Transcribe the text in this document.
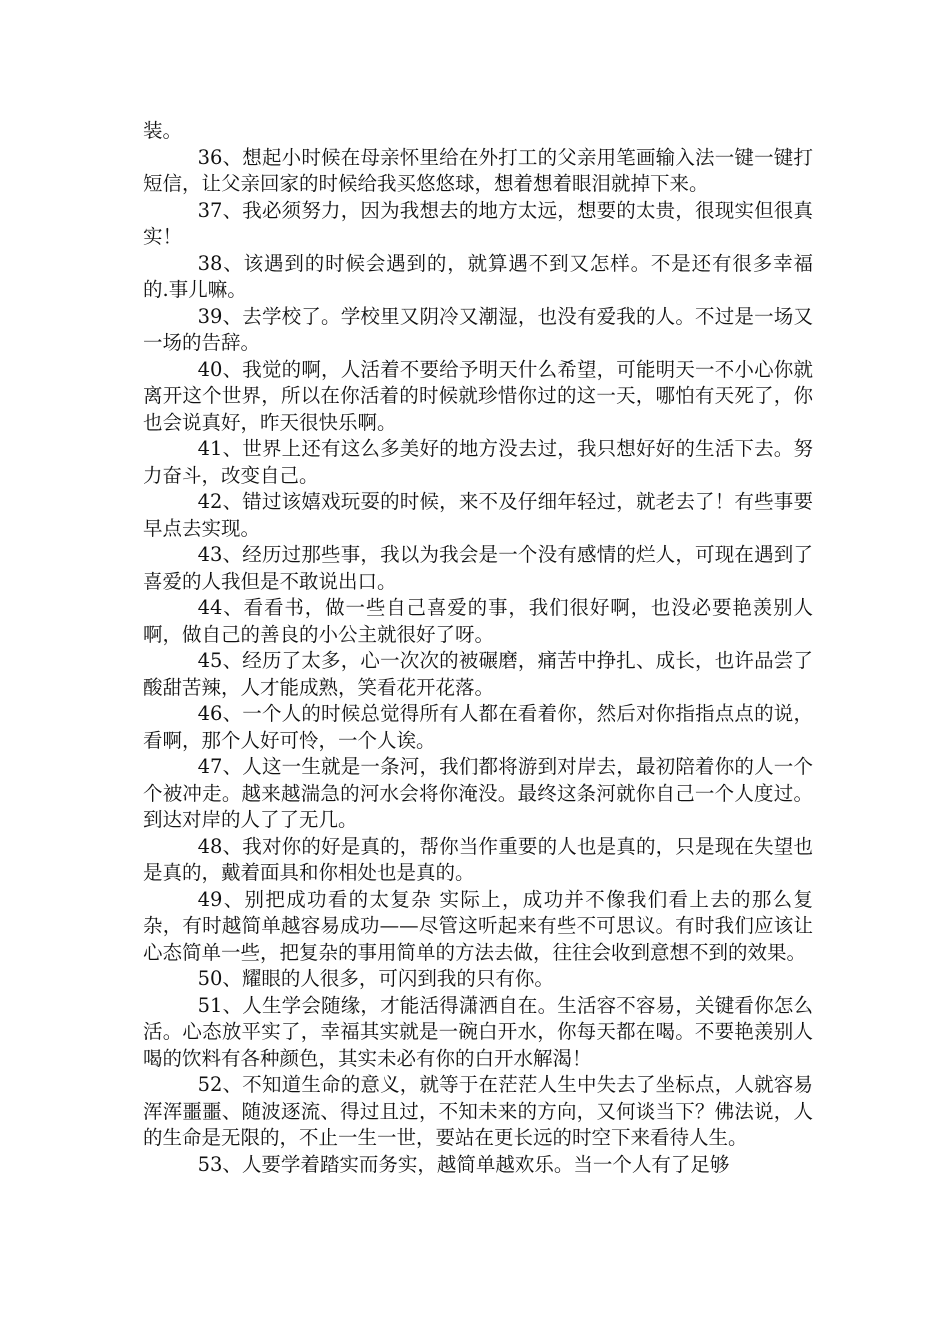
装。

36、想起小时候在母亲怀里给在外打工的父亲用笔画输入法一键一键打短信，让父亲回家的时候给我买悠悠球，想着想着眼泪就掉下来。

37、我必须努力，因为我想去的地方太远，想要的太贵，很现实但很真实！

38、该遇到的时候会遇到的，就算遇不到又怎样。不是还有很多幸福的.事儿嘛。

39、去学校了。学校里又阴冷又潮湿，也没有爱我的人。不过是一场又一场的告辞。

40、我觉的啊，人活着不要给予明天什么希望，可能明天一不小心你就离开这个世界，所以在你活着的时候就珍惜你过的这一天，哪怕有天死了，你也会说真好，昨天很快乐啊。

41、世界上还有这么多美好的地方没去过，我只想好好的生活下去。努力奋斗，改变自己。

42、错过该嬉戏玩耍的时候，来不及仔细年轻过，就老去了！有些事要早点去实现。

43、经历过那些事，我以为我会是一个没有感情的烂人，可现在遇到了喜爱的人我但是不敢说出口。

44、看看书，做一些自己喜爱的事，我们很好啊，也没必要艳羡别人啊，做自己的善良的小公主就很好了呀。

45、经历了太多，心一次次的被碾磨，痛苦中挣扎、成长，也许品尝了酸甜苦辣，人才能成熟，笑看花开花落。

46、一个人的时候总觉得所有人都在看着你，然后对你指指点点的说，看啊，那个人好可怜，一个人诶。

47、人这一生就是一条河，我们都将游到对岸去，最初陪着你的人一个个被冲走。越来越湍急的河水会将你淹没。最终这条河就你自己一个人度过。到达对岸的人了了无几。

48、我对你的好是真的，帮你当作重要的人也是真的，只是现在失望也是真的，戴着面具和你相处也是真的。

49、别把成功看的太复杂 实际上，成功并不像我们看上去的那么复杂，有时越简单越容易成功——尽管这听起来有些不可思议。有时我们应该让心态简单一些，把复杂的事用简单的方法去做，往往会收到意想不到的效果。

50、耀眼的人很多，可闪到我的只有你。

51、人生学会随缘，才能活得潇洒自在。生活容不容易，关键看你怎么活。心态放平实了，幸福其实就是一碗白开水，你每天都在喝。不要艳羡别人喝的饮料有各种颜色，其实未必有你的白开水解渴！

52、不知道生命的意义，就等于在茫茫人生中失去了坐标点，人就容易浑浑噩噩、随波逐流、得过且过，不知未来的方向，又何谈当下？佛法说，人的生命是无限的，不止一生一世，要站在更长远的时空下来看待人生。

53、人要学着踏实而务实，越简单越欢乐。当一个人有了足够
